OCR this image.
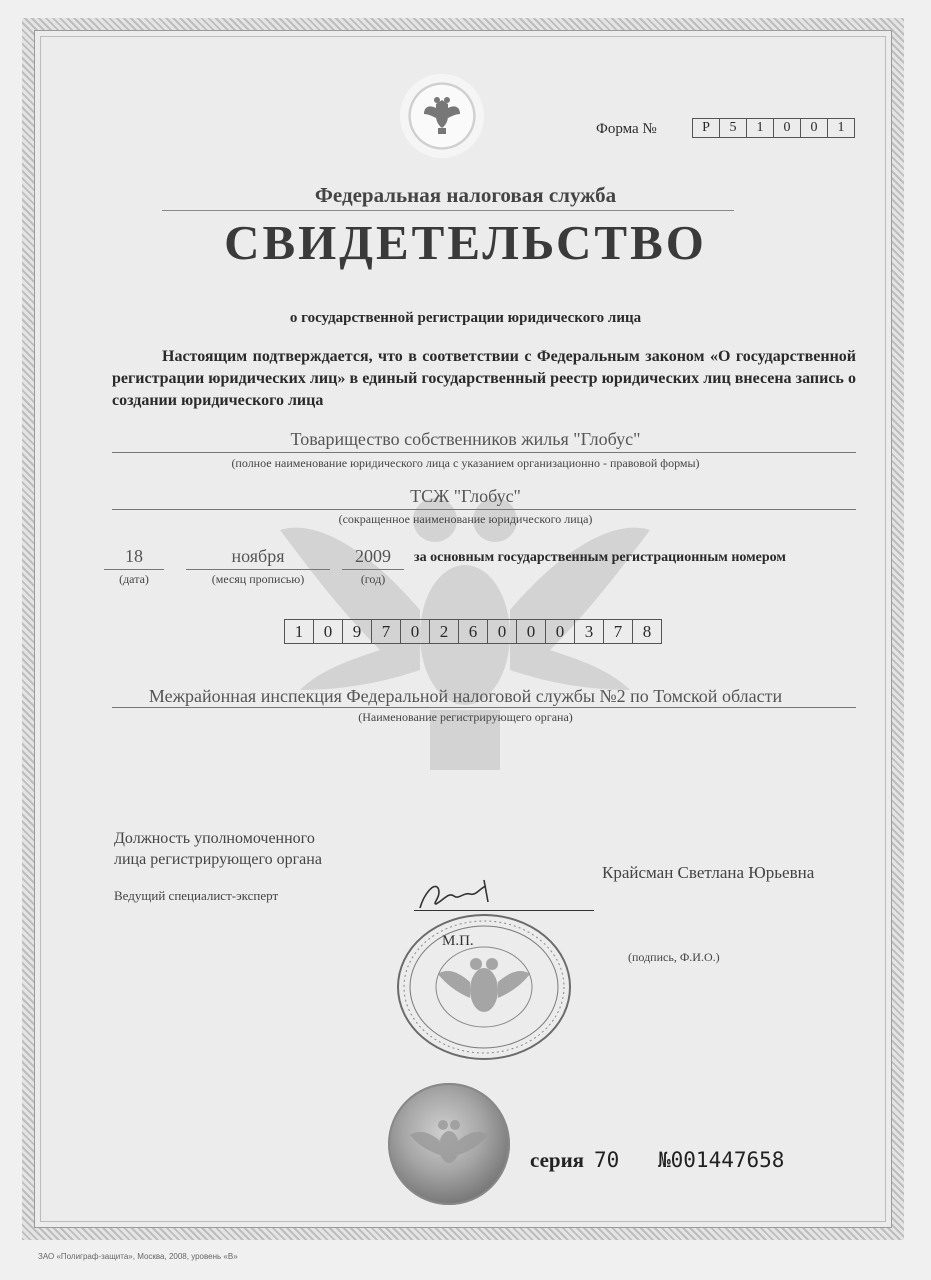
Форма №	Р	5	1	0	0	1
Федеральная налоговая служба
СВИДЕТЕЛЬСТВО
о государственной регистрации юридического лица
Настоящим подтверждается, что в соответствии с Федеральным законом «О государственной регистрации юридических лиц» в единый государственный реестр юридических лиц внесена запись о создании юридического лица
Товарищество собственников жилья "Глобус"
(полное наименование юридического лица с указанием организационно - правовой формы)
ТСЖ "Глобус"
(сокращенное наименование юридического лица)
18
(дата)
ноября
(месяц прописью)
2009
(год)
за основным государственным регистрационным номером
1	0	9	7	0	2	6	0	0	0	3	7	8
Межрайонная инспекция Федеральной налоговой службы №2 по Томской области
(Наименование регистрирующего органа)
Должность уполномоченного
лица регистрирующего органа
Ведущий специалист-эксперт
Крайсман Светлана Юрьевна
М.П.
(подпись, Ф.И.О.)
серия 70 №001447658
ЗАО «Полиграф-защита», Москва, 2008, уровень «В»
